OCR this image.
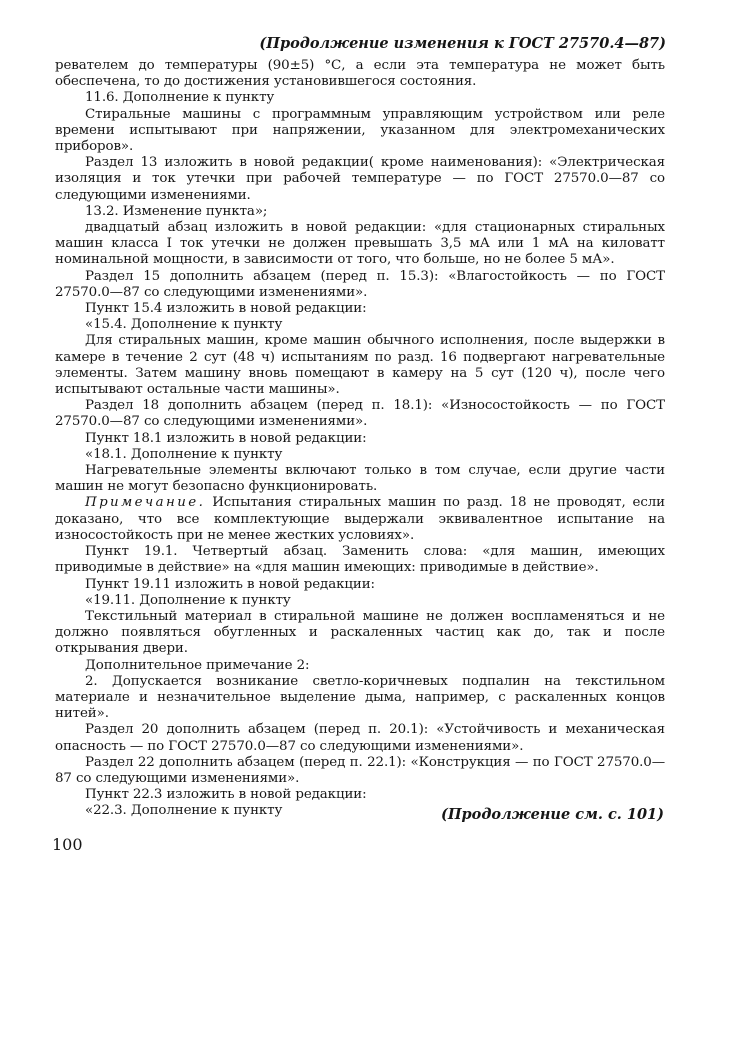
(Продолжение изменения к ГОСТ 27570.4—87)

реватeлем до температуры (90±5) °С, а если эта температура не может быть обеспечена, то до достижения установившегося состояния.

11.6. Дополнение к пункту

Стиральные машины с программным управляющим устройством или реле времени испытывают при напряжении, указанном для электромеханических приборов».

Раздел 13 изложить в новой редакции( кроме наименования): «Электрическая изоляция и ток утечки при рабочей температуре — по ГОСТ 27570.0—87 со следующими изменениями.

13.2. Изменение пункта»;

двадцатый абзац изложить в новой редакции: «для стационарных стиральных машин класса I ток утечки не должен превышать 3,5 мА или 1 мА на киловатт номинальной мощности, в зависимости от того, что больше, но не более 5 мА».

Раздел 15 дополнить абзацем (перед п. 15.3): «Влагостойкость — по ГОСТ 27570.0—87 со следующими изменениями».

Пункт 15.4 изложить в новой редакции:

«15.4. Дополнение к пункту

Для стиральных машин, кроме машин обычного исполнения, после выдержки в камере в течение 2 сут (48 ч) испытаниям по разд. 16 подвергают нагревательные элементы. Затем машину вновь помещают в камеру на 5 сут (120 ч), после чего испытывают остальные части машины».

Раздел 18 дополнить абзацем (перед п. 18.1): «Износостойкость — по ГОСТ 27570.0—87 со следующими изменениями».

Пункт 18.1 изложить в новой редакции:

«18.1. Дополнение к пункту

Нагревательные элементы включают только в том случае, если другие части машин не могут безопасно функционировать.

Примечание. Испытания стиральных машин по разд. 18 не проводят, если доказано, что все комплектующие выдержали эквивалентное испытание на износостойкость при не менее жестких условиях».

Пункт 19.1. Четвертый абзац. Заменить слова: «для машин, имеющих приводимые в действие» на «для машин имеющих: приводимые в действие».

Пункт 19.11 изложить в новой редакции:

«19.11. Дополнение к пункту

Текстильный материал в стиральной машине не должен воспламеняться и не должно появляться обугленных и раскаленных частиц как до, так и после открывания двери.

Дополнительное примечание 2:

2. Допускается возникание светло-коричневых подпалин на текстильном материале и незначительное выделение дыма, например, с раскаленных концов нитей».

Раздел 20 дополнить абзацем (перед п. 20.1): «Устойчивость и механическая опасность — по ГОСТ 27570.0—87 со следующими изменениями».

Раздел 22 дополнить абзацем (перед п. 22.1): «Конструкция — по ГОСТ 27570.0—87 со следующими изменениями».

Пункт 22.3 изложить в новой редакции:

«22.3. Дополнение к пункту	(Продолжение см. с. 101)
100
